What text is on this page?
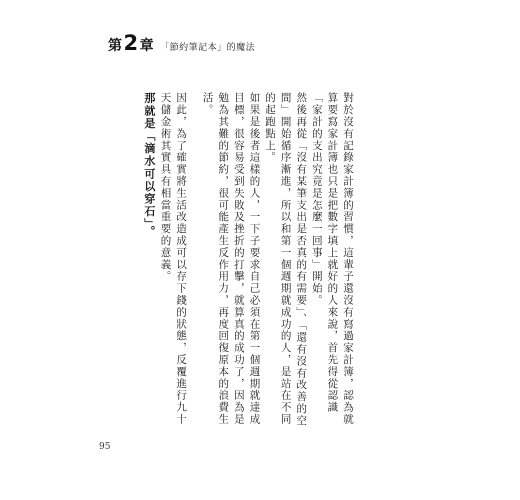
第2章 「節約筆記本」的魔法

對於沒有記錄家計簿的習慣，這輩子還沒有寫過家計簿，認為就算要寫家計簿也只是把數字填上就好的人來說，首先得從認識「家計的支出究竟是怎麼一回事」開始。

然後再從「沒有某筆支出是否真的有需要」、「還有沒有改善的空間」開始循序漸進，所以和第一個週期就成功的人，是站在不同的起跑點上。

如果是後者這樣的人，一下子要求自己必須在第一個週期就達成目標，很容易受到失敗及挫折的打擊，就算真的成功了，因為是勉為其難的節約，很可能產生反作用力，再度回復原本的浪費生活。

因此，為了確實將生活改造成可以存下錢的狀態，反覆進行九十天儲金術其實具有相當重要的意義。

那就是「滴水可以穿石」。

95
